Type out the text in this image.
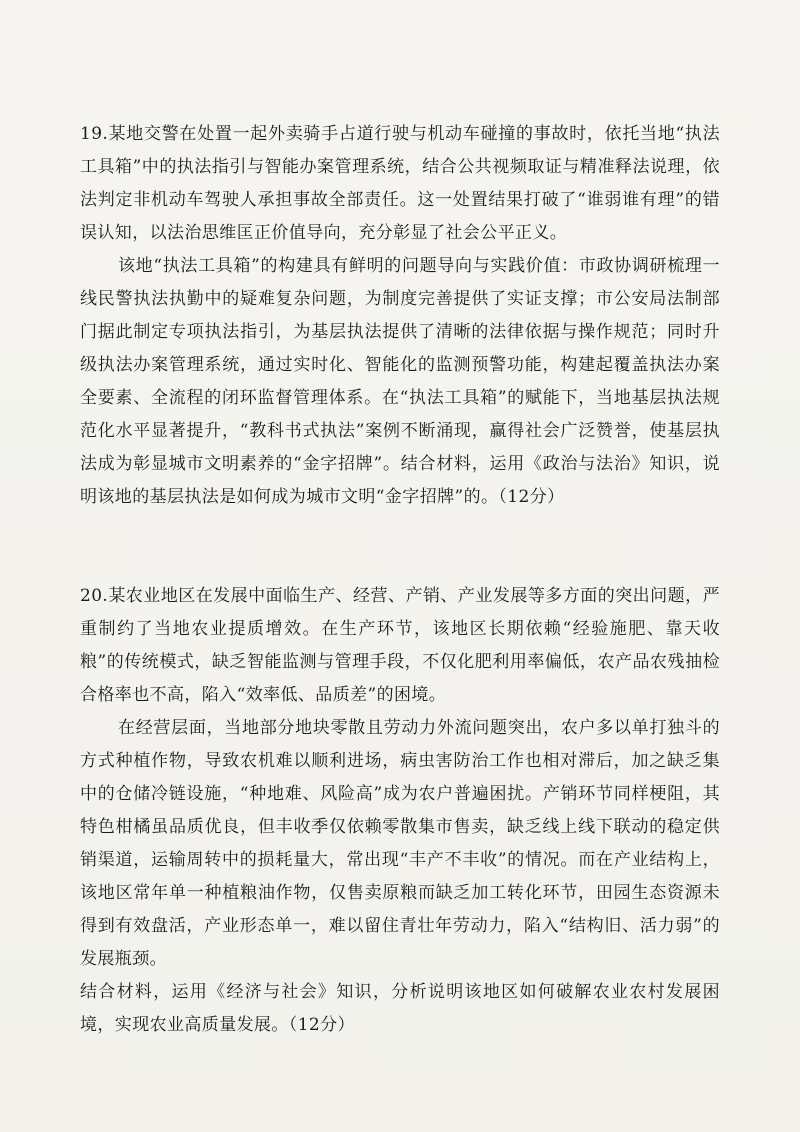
19.某地交警在处置一起外卖骑手占道行驶与机动车碰撞的事故时，依托当地“执法工具箱”中的执法指引与智能办案管理系统，结合公共视频取证与精准释法说理，依法判定非机动车驾驶人承担事故全部责任。这一处置结果打破了“谁弱谁有理”的错误认知，以法治思维匡正价值导向，充分彰显了社会公平正义。

该地“执法工具箱”的构建具有鲜明的问题导向与实践价值：市政协调研梳理一线民警执法执勤中的疑难复杂问题，为制度完善提供了实证支撑；市公安局法制部门据此制定专项执法指引，为基层执法提供了清晰的法律依据与操作规范；同时升级执法办案管理系统，通过实时化、智能化的监测预警功能，构建起覆盖执法办案全要素、全流程的闭环监督管理体系。在“执法工具箱”的赋能下，当地基层执法规范化水平显著提升，“教科书式执法”案例不断涌现，赢得社会广泛赞誉，使基层执法成为彰显城市文明素养的“金字招牌”。结合材料，运用《政治与法治》知识，说明该地的基层执法是如何成为城市文明“金字招牌”的。（12分）

20.某农业地区在发展中面临生产、经营、产销、产业发展等多方面的突出问题，严重制约了当地农业提质增效。在生产环节，该地区长期依赖“经验施肥、靠天收粮”的传统模式，缺乏智能监测与管理手段，不仅化肥利用率偏低，农产品农残抽检合格率也不高，陷入“效率低、品质差”的困境。

在经营层面，当地部分地块零散且劳动力外流问题突出，农户多以单打独斗的方式种植作物，导致农机难以顺利进场，病虫害防治工作也相对滞后，加之缺乏集中的仓储冷链设施，“种地难、风险高”成为农户普遍困扰。产销环节同样梗阻，其特色柑橘虽品质优良，但丰收季仅依赖零散集市售卖，缺乏线上线下联动的稳定供销渠道，运输周转中的损耗量大，常出现“丰产不丰收”的情况。而在产业结构上，该地区常年单一种植粮油作物，仅售卖原粮而缺乏加工转化环节，田园生态资源未得到有效盘活，产业形态单一，难以留住青壮年劳动力，陷入“结构旧、活力弱”的发展瓶颈。

结合材料，运用《经济与社会》知识，分析说明该地区如何破解农业农村发展困境，实现农业高质量发展。（12分）
